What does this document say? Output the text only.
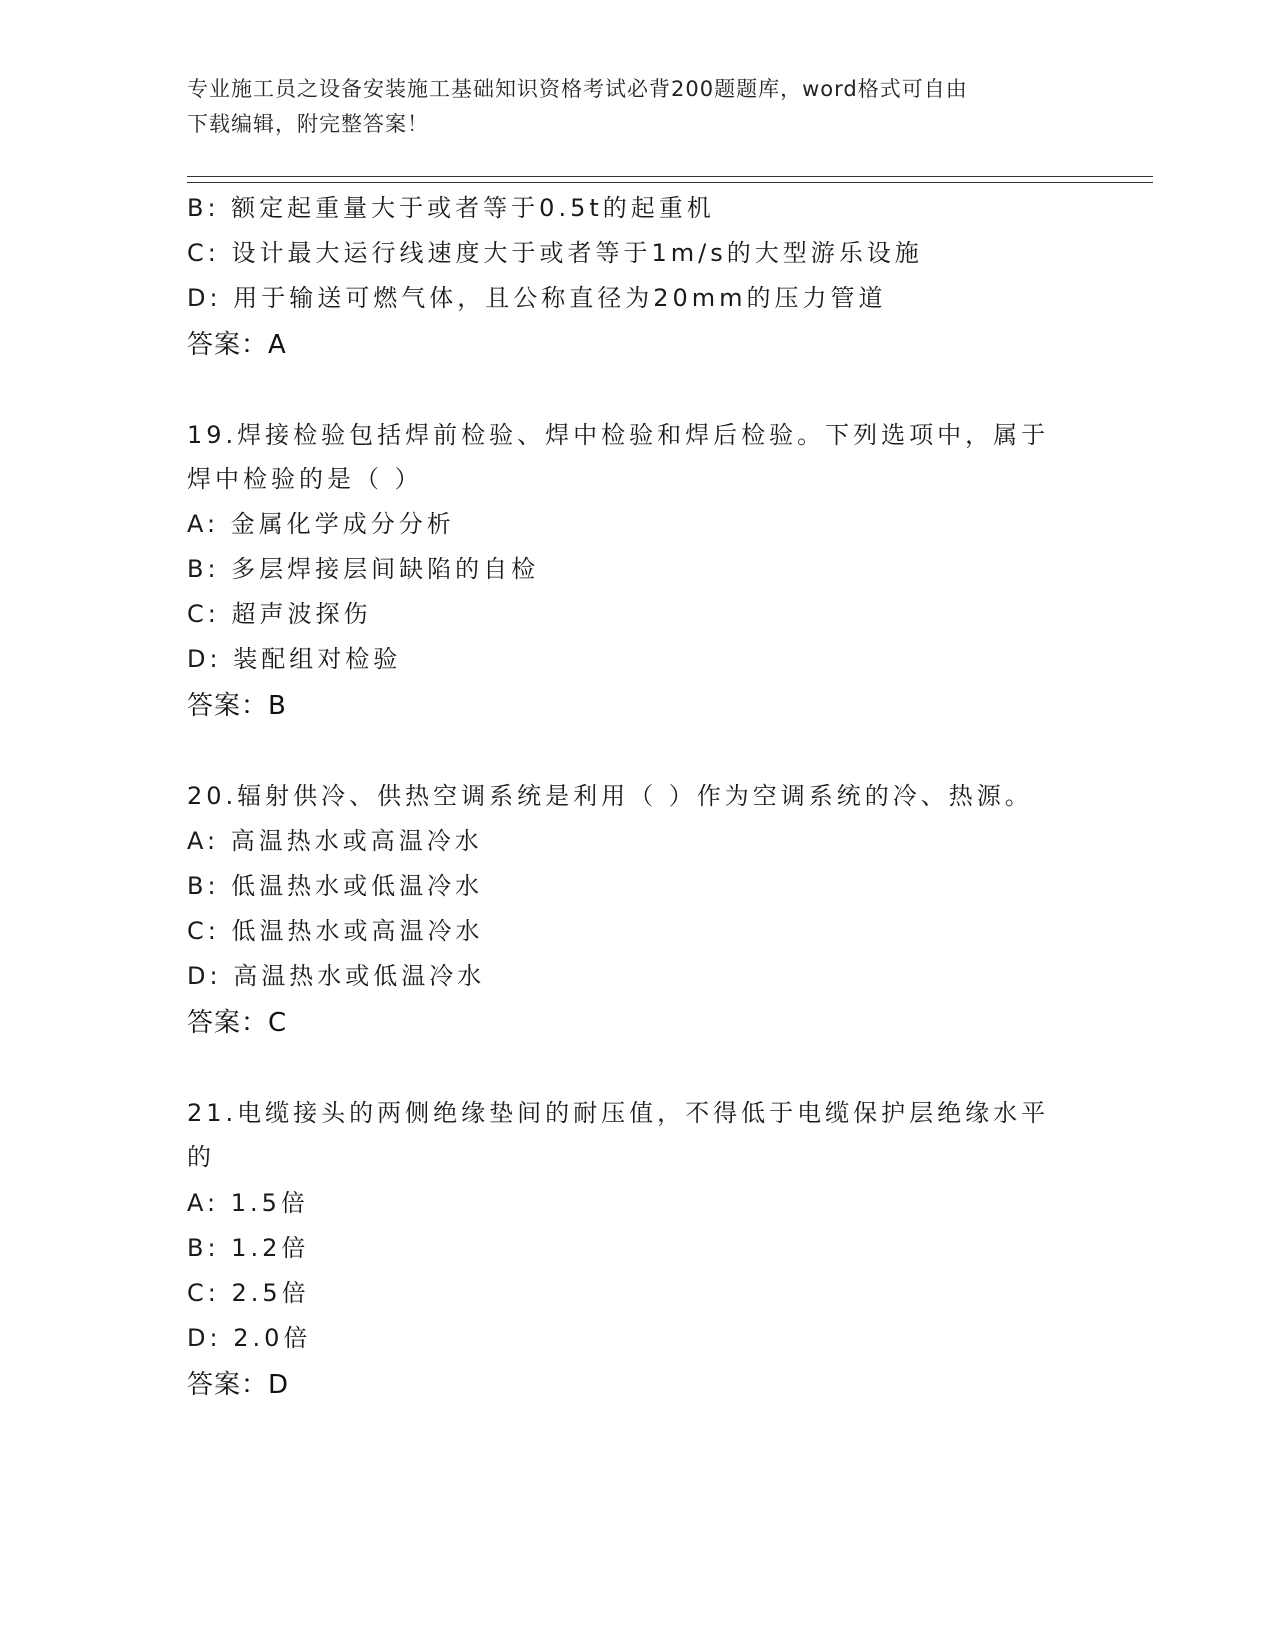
专业施工员之设备安装施工基础知识资格考试必背200题题库，word格式可自由
下载编辑，附完整答案！
B: 额定起重量大于或者等于0.5t的起重机
C: 设计最大运行线速度大于或者等于1m/s的大型游乐设施
D: 用于输送可燃气体，且公称直径为20mm的压力管道
答案：A
19.焊接检验包括焊前检验、焊中检验和焊后检验。下列选项中，属于
焊中检验的是（ ）
A: 金属化学成分分析
B: 多层焊接层间缺陷的自检
C: 超声波探伤
D: 装配组对检验
答案：B
20.辐射供冷、供热空调系统是利用（ ）作为空调系统的冷、热源。
A: 高温热水或高温冷水
B: 低温热水或低温冷水
C: 低温热水或高温冷水
D: 高温热水或低温冷水
答案：C
21.电缆接头的两侧绝缘垫间的耐压值，不得低于电缆保护层绝缘水平
的
A: 1.5倍
B: 1.2倍
C: 2.5倍
D: 2.0倍
答案：D
